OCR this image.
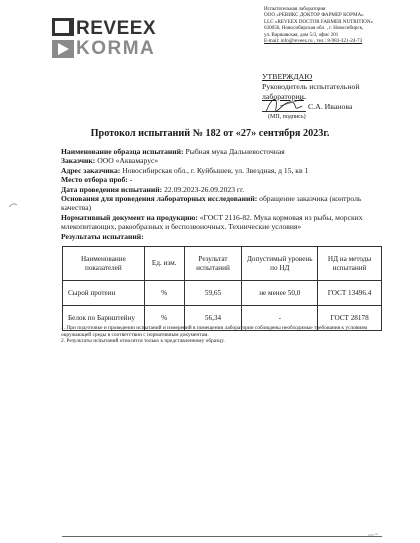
REVEEX
KORMA
Испытательная лаборатория
ООО «РЕВИКС ДОКТОР ФАРМЕР КОРМА»
LLC «REVEEX DOCTOR FARMER NUTRITION»
630056, Новосибирская обл. , г. Новосибирск,
ул. Варшавская, дом 5/3, офис 201
E-mail: info@reveex.ru , тел.: 8-983-321-24-73
УТВЕРЖДАЮ
Руководитель испытательной
лаборатории
С.А. Иванова
(МП, подпись)
Протокол испытаний № 182 от «27» сентября 2023г.
Наименование образца испытаний: Рыбная мука Дальневосточная
Заказчик: ООО «Аквамарус»
Адрес заказчика: Новосибирская обл., г. Куйбышев, ул. Звездная, д 15, кв 1
Место отбора проб: -
Дата проведения испытаний: 22.09.2023-26.09.2023 гг.
Основания для проведения лабораторных исследований: обращение заказчика (контроль качества)
Нормативный документ на продукцию: «ГОСТ 2116-82. Мука кормовая из рыбы, морских млекопитающих, ракообразных и беспозвоночных. Технические условия»
Результаты испытаний:
Наименование показателей	Ед. изм.	Результат испытаний	Допустимый уровень по НД	НД на методы испытаний
Сырой протеин	%	59,65	не менее 50,0	ГОСТ 13496.4
Белок по Барнштейну	%	56,34	-	ГОСТ 28178
1. При подготовке и проведении испытаний и измерений в помещении лаборатории соблюдены необходимые требования к условиям окружающей среды в соответствии с нормативным документам.
2. Результаты испытаний относятся только к представленному образцу.
